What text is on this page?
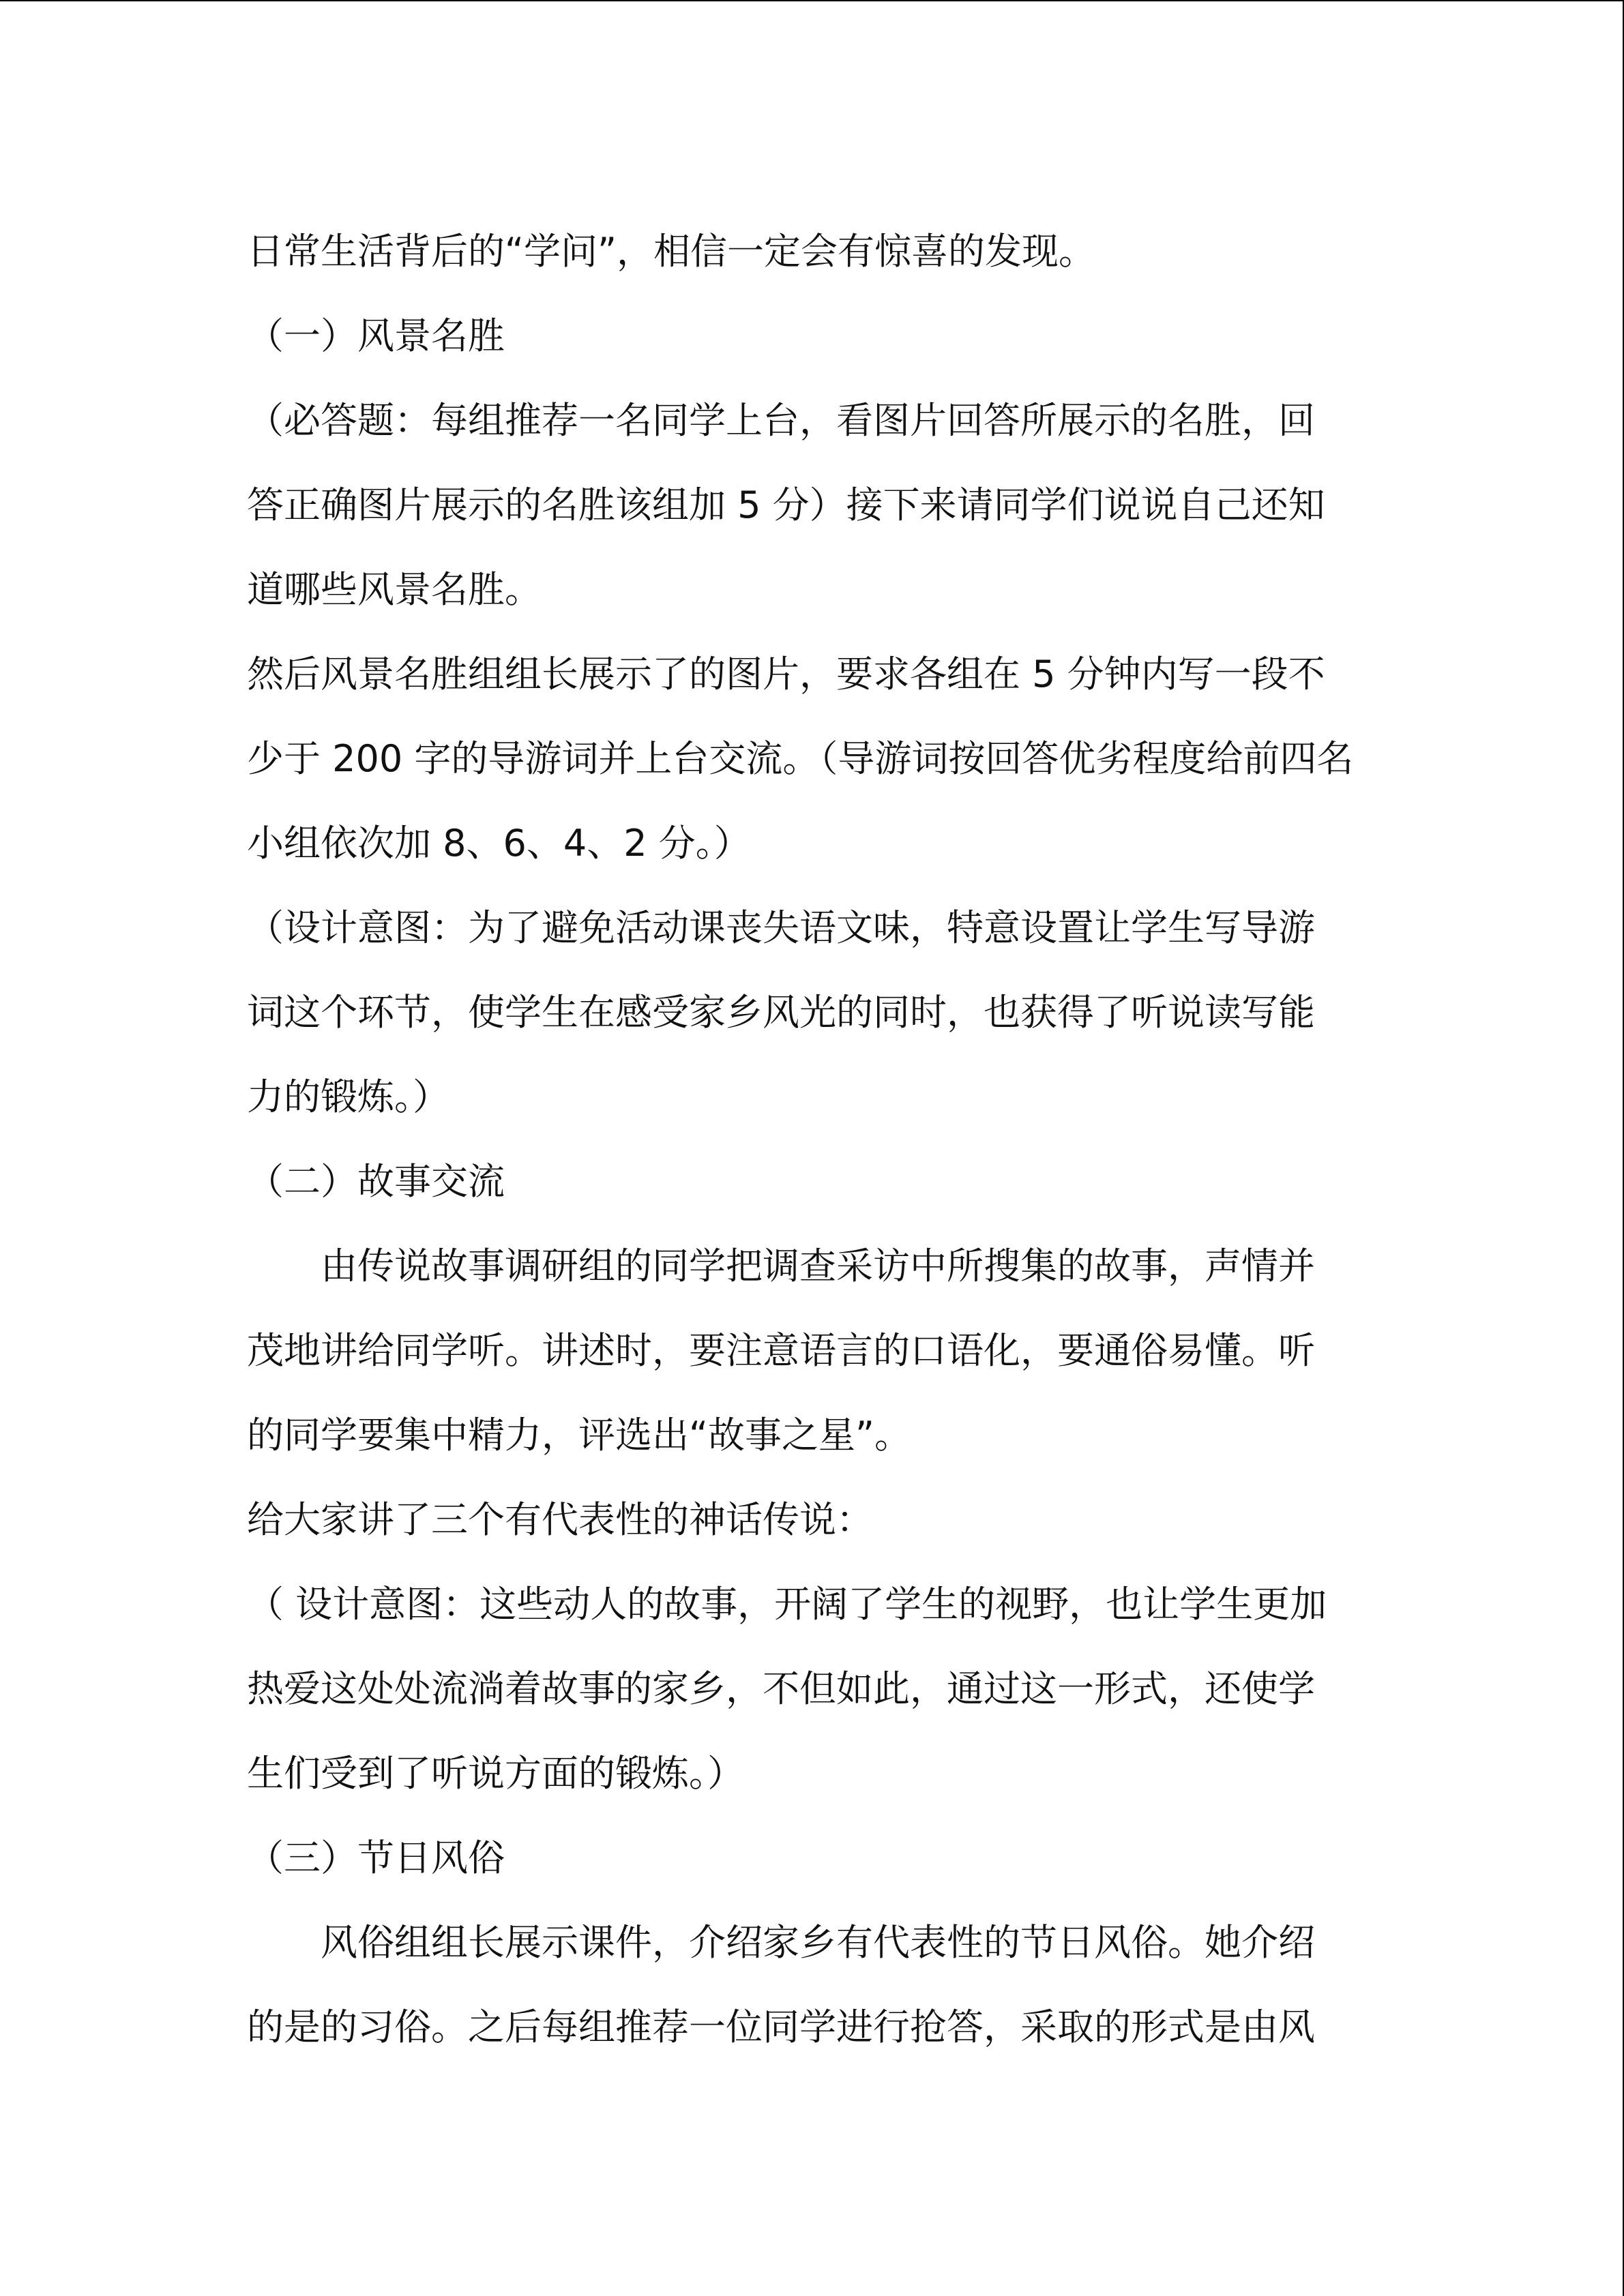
日常生活背后的“学问”，相信一定会有惊喜的发现。
（一）风景名胜
（必答题：每组推荐一名同学上台，看图片回答所展示的名胜，回
答正确图片展示的名胜该组加 5 分）接下来请同学们说说自己还知
道哪些风景名胜。
然后风景名胜组组长展示了的图片，要求各组在 5 分钟内写一段不
少于 200 字的导游词并上台交流。（导游词按回答优劣程度给前四名
小组依次加 8、6、4、2 分。）
（设计意图：为了避免活动课丧失语文味，特意设置让学生写导游
词这个环节，使学生在感受家乡风光的同时，也获得了听说读写能
力的锻炼。）
（二）故事交流
由传说故事调研组的同学把调查采访中所搜集的故事，声情并
茂地讲给同学听。讲述时，要注意语言的口语化，要通俗易懂。听
的同学要集中精力，评选出“故事之星”。
给大家讲了三个有代表性的神话传说：
（ 设计意图：这些动人的故事，开阔了学生的视野，也让学生更加
热爱这处处流淌着故事的家乡，不但如此，通过这一形式，还使学
生们受到了听说方面的锻炼。）
（三）节日风俗
风俗组组长展示课件，介绍家乡有代表性的节日风俗。她介绍
的是的习俗。之后每组推荐一位同学进行抢答，采取的形式是由风
